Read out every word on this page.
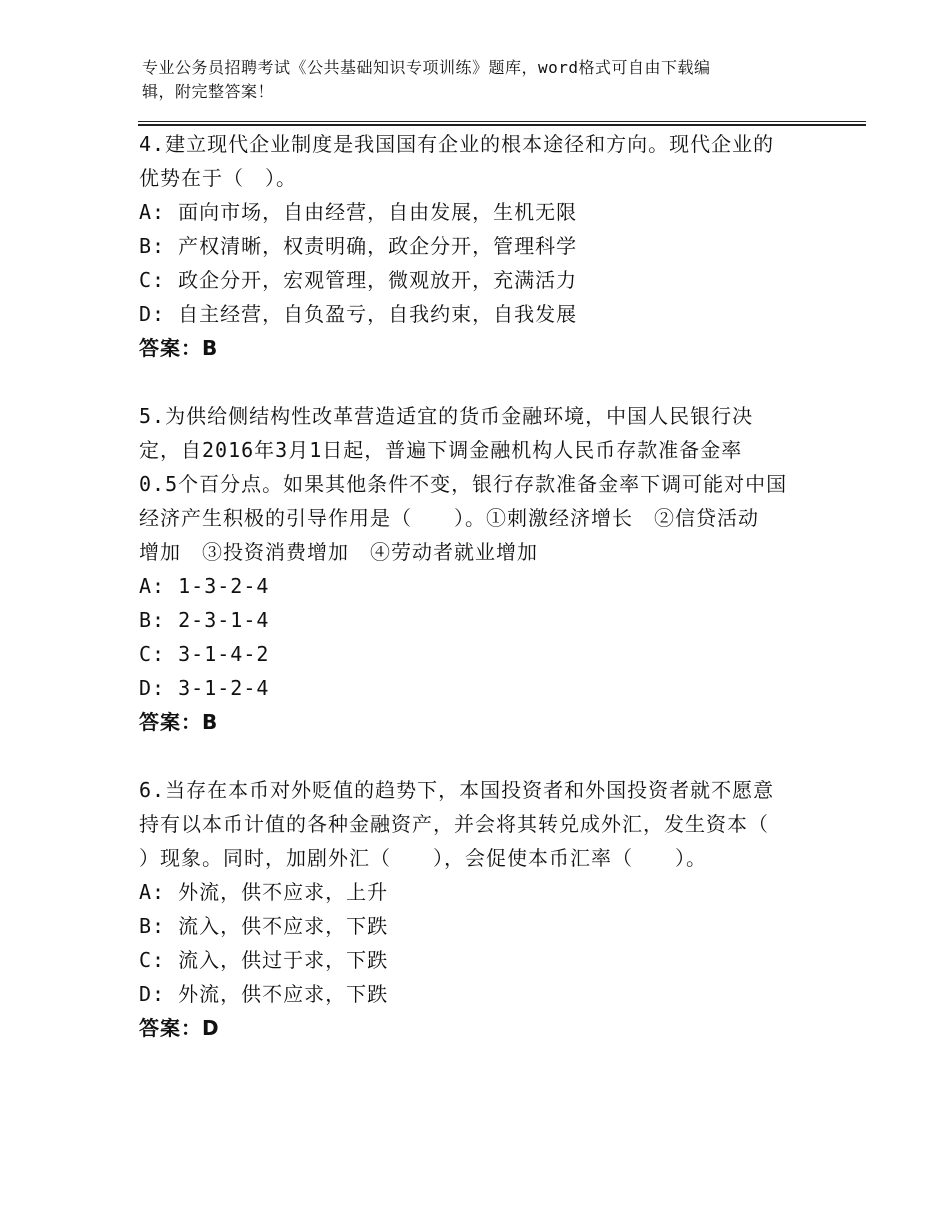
专业公务员招聘考试《公共基础知识专项训练》题库，word格式可自由下载编
辑，附完整答案！
4.建立现代企业制度是我国国有企业的根本途径和方向。现代企业的
优势在于（　）。
A: 面向市场，自由经营，自由发展，生机无限
B: 产权清晰，权责明确，政企分开，管理科学
C: 政企分开，宏观管理，微观放开，充满活力
D: 自主经营，自负盈亏，自我约束，自我发展
答案：B
5.为供给侧结构性改革营造适宜的货币金融环境，中国人民银行决
定，自2016年3月1日起，普遍下调金融机构人民币存款准备金率
0.5个百分点。如果其他条件不变，银行存款准备金率下调可能对中国
经济产生积极的引导作用是（　　）。①刺激经济增长　②信贷活动
增加　③投资消费增加　④劳动者就业增加
A: 1-3-2-4
B: 2-3-1-4
C: 3-1-4-2
D: 3-1-2-4
答案：B
6.当存在本币对外贬值的趋势下，本国投资者和外国投资者就不愿意
持有以本币计值的各种金融资产，并会将其转兑成外汇，发生资本（
）现象。同时，加剧外汇（　　），会促使本币汇率（　　）。
A: 外流，供不应求，上升
B: 流入，供不应求，下跌
C: 流入，供过于求，下跌
D: 外流，供不应求，下跌
答案：D
